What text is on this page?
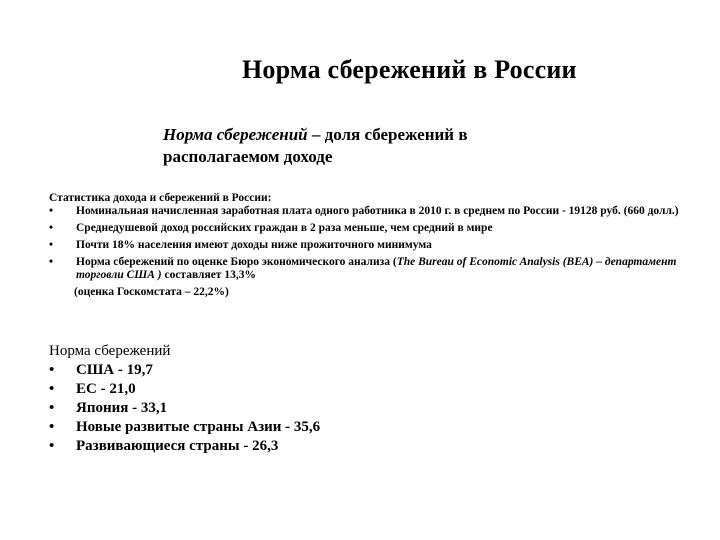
Норма сбережений в России
Норма сбережений – доля сбережений в располагаемом доходе
Статистика дохода и сбережений в России:
• Номинальная начисленная заработная плата одного работника в 2010 г. в среднем по России - 19128 руб. (660 долл.)
• Среднедушевой доход российских граждан в 2 раза меньше, чем средний в мире
• Почти 18% населения имеют доходы ниже прожиточного минимума
• Норма сбережений по оценке Бюро экономического анализа (The Bureau of Economic Analysis (BEA) – департамент торговли США ) составляет 13,3%
(оценка Госкомстата – 22,2%)
Норма сбережений
• США - 19,7
• ЕС - 21,0
• Япония - 33,1
• Новые развитые страны Азии - 35,6
• Развивающиеся страны - 26,3
